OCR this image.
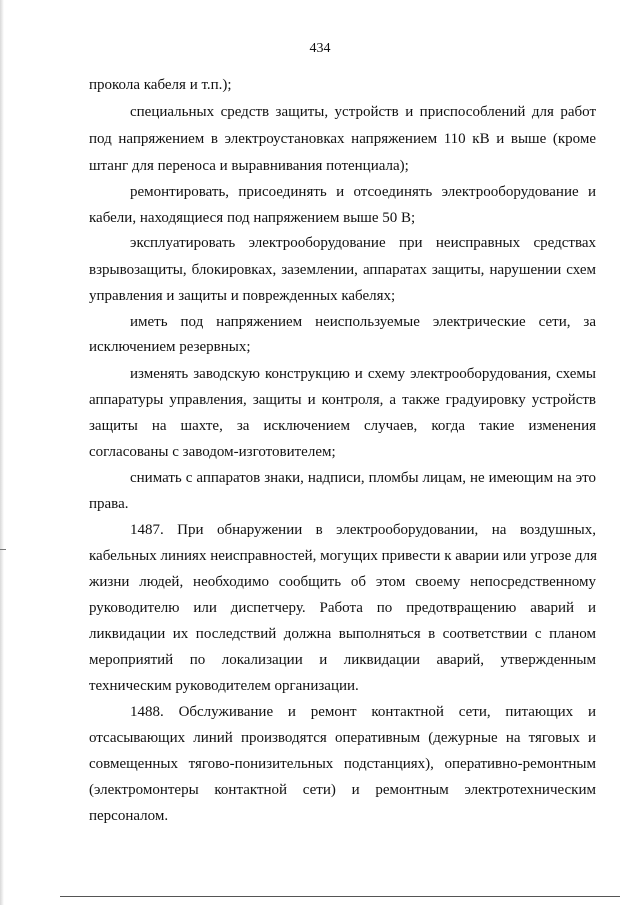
434
прокола кабеля и т.п.);
специальных средств защиты, устройств и приспособлений для работ
под напряжением в электроустановках напряжением 110 кВ и выше (кроме
штанг для переноса и выравнивания потенциала);
ремонтировать, присоединять и отсоединять электрооборудование и
кабели, находящиеся под напряжением выше 50 В;
эксплуатировать электрооборудование при неисправных средствах
взрывозащиты, блокировках, заземлении, аппаратах защиты, нарушении схем
управления и защиты и поврежденных кабелях;
иметь под напряжением неиспользуемые электрические сети, за
исключением резервных;
изменять заводскую конструкцию и схему электрооборудования, схемы
аппаратуры управления, защиты и контроля, а также градуировку устройств
защиты на шахте, за исключением случаев, когда такие изменения
согласованы с заводом-изготовителем;
снимать с аппаратов знаки, надписи, пломбы лицам, не имеющим на это
права.
1487. При обнаружении в электрооборудовании, на воздушных,
кабельных линиях неисправностей, могущих привести к аварии или угрозе для
жизни людей, необходимо сообщить об этом своему непосредственному
руководителю или диспетчеру. Работа по предотвращению аварий и
ликвидации их последствий должна выполняться в соответствии с планом
мероприятий по локализации и ликвидации аварий, утвержденным
техническим руководителем организации.
1488. Обслуживание и ремонт контактной сети, питающих и
отсасывающих линий производятся оперативным (дежурные на тяговых и
совмещенных тягово-понизительных подстанциях), оперативно-ремонтным
(электромонтеры контактной сети) и ремонтным электротехническим
персоналом.
